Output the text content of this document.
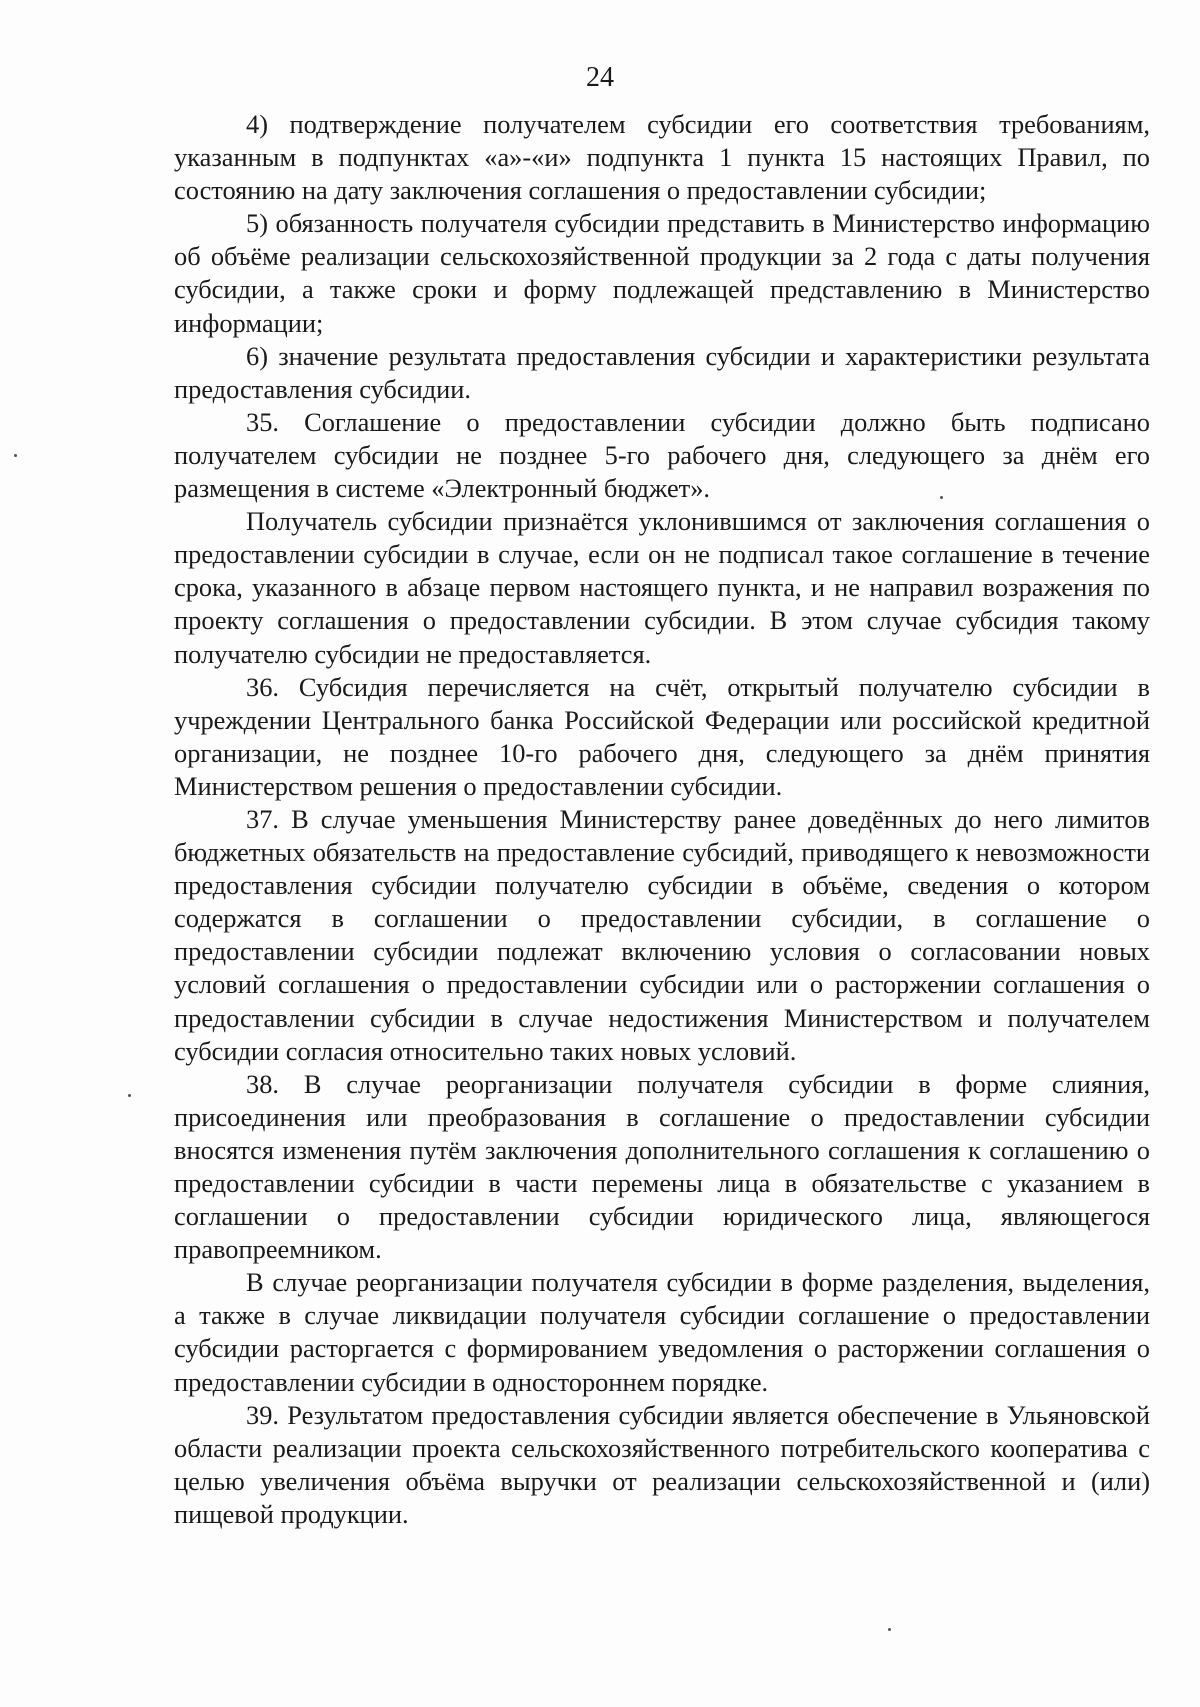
24

4) подтверждение получателем субсидии его соответствия требованиям, указанным в подпунктах «а»-«и» подпункта 1 пункта 15 настоящих Правил, по состоянию на дату заключения соглашения о предоставлении субсидии;

5) обязанность получателя субсидии представить в Министерство информацию об объёме реализации сельскохозяйственной продукции за 2 года с даты получения субсидии, а также сроки и форму подлежащей представлению в Министерство информации;

6) значение результата предоставления субсидии и характеристики результата предоставления субсидии.

35. Соглашение о предоставлении субсидии должно быть подписано получателем субсидии не позднее 5-го рабочего дня, следующего за днём его размещения в системе «Электронный бюджет».

Получатель субсидии признаётся уклонившимся от заключения соглашения о предоставлении субсидии в случае, если он не подписал такое соглашение в течение срока, указанного в абзаце первом настоящего пункта, и не направил возражения по проекту соглашения о предоставлении субсидии. В этом случае субсидия такому получателю субсидии не предоставляется.

36. Субсидия перечисляется на счёт, открытый получателю субсидии в учреждении Центрального банка Российской Федерации или российской кредитной организации, не позднее 10-го рабочего дня, следующего за днём принятия Министерством решения о предоставлении субсидии.

37. В случае уменьшения Министерству ранее доведённых до него лимитов бюджетных обязательств на предоставление субсидий, приводящего к невозможности предоставления субсидии получателю субсидии в объёме, сведения о котором содержатся в соглашении о предоставлении субсидии, в соглашение о предоставлении субсидии подлежат включению условия о согласовании новых условий соглашения о предоставлении субсидии или о расторжении соглашения о предоставлении субсидии в случае недостижения Министерством и получателем субсидии согласия относительно таких новых условий.

38. В случае реорганизации получателя субсидии в форме слияния, присоединения или преобразования в соглашение о предоставлении субсидии вносятся изменения путём заключения дополнительного соглашения к соглашению о предоставлении субсидии в части перемены лица в обязательстве с указанием в соглашении о предоставлении субсидии юридического лица, являющегося правопреемником.

В случае реорганизации получателя субсидии в форме разделения, выделения, а также в случае ликвидации получателя субсидии соглашение о предоставлении субсидии расторгается с формированием уведомления о расторжении соглашения о предоставлении субсидии в одностороннем порядке.

39. Результатом предоставления субсидии является обеспечение в Ульяновской области реализации проекта сельскохозяйственного потребительского кооператива с целью увеличения объёма выручки от реализации сельскохозяйственной и (или) пищевой продукции.
